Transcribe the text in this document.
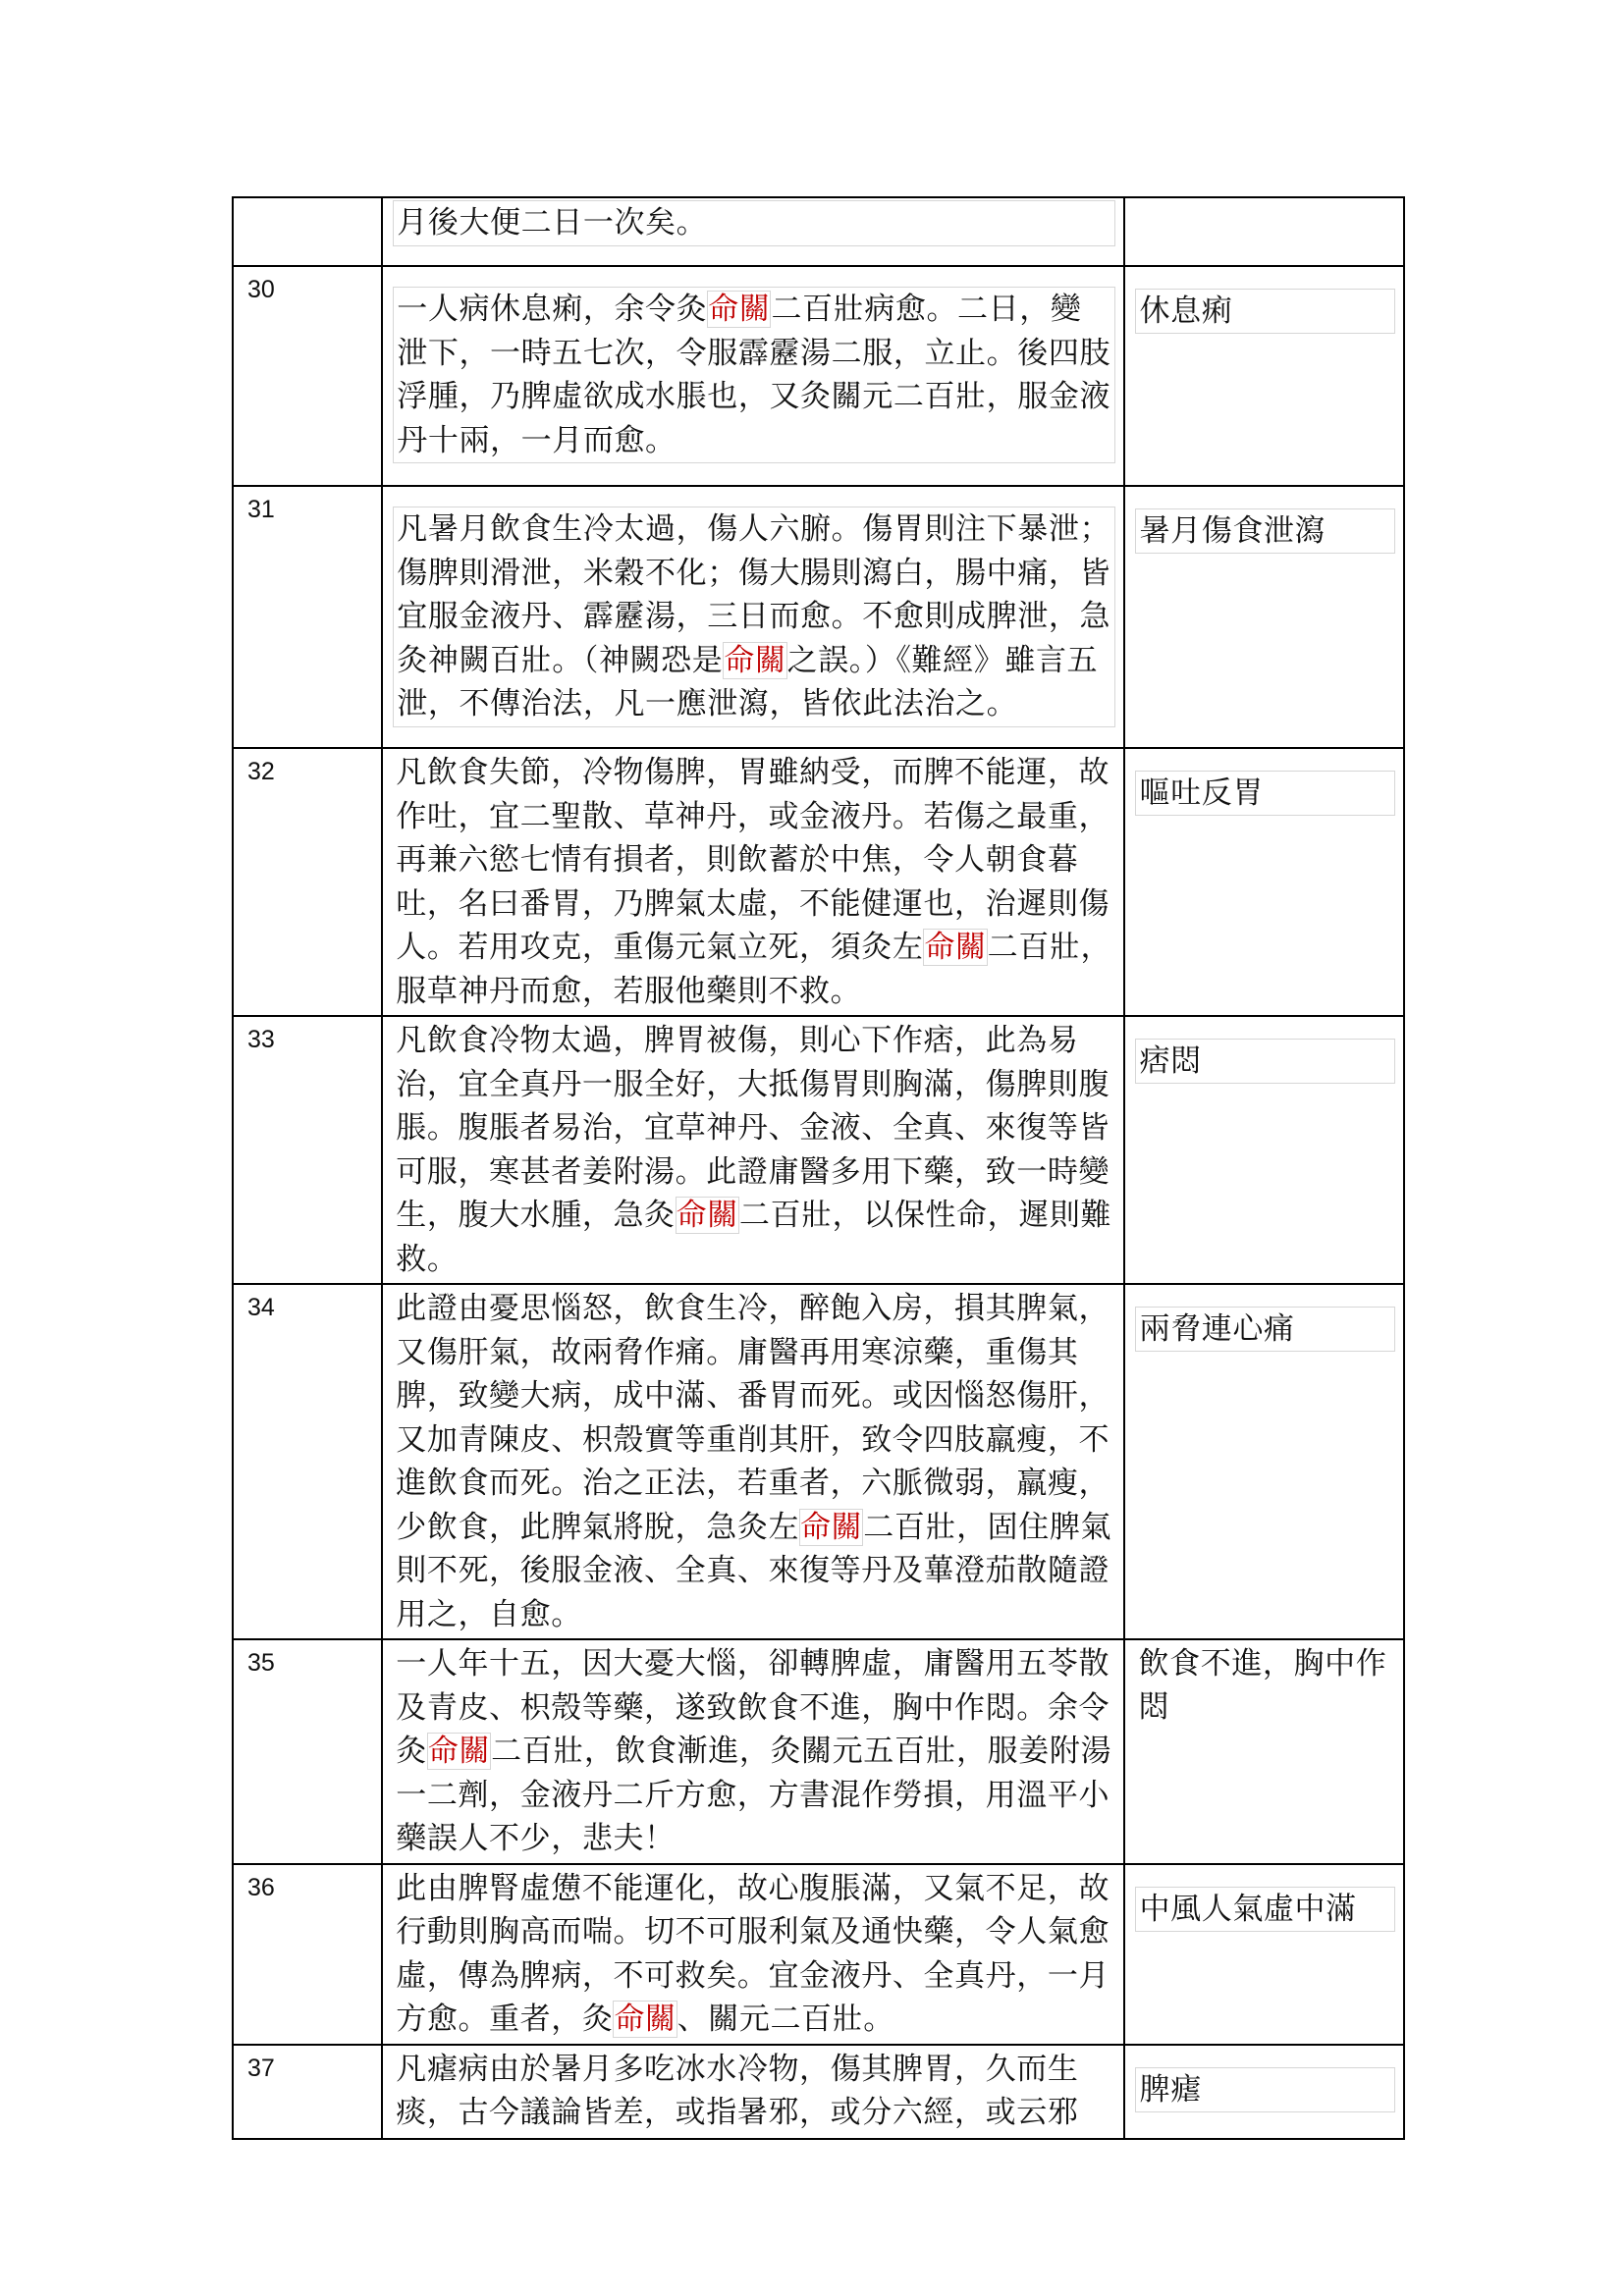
	月後大便二日一次矣。	

30	一人病休息痢，余令灸命關二百壯病愈。二日，變泄下，一時五七次，令服霹靂湯二服，立止。後四肢浮腫，乃脾虛欲成水脹也，又灸關元二百壯，服金液丹十兩，一月而愈。	休息痢

31	凡暑月飲食生冷太過，傷人六腑。傷胃則注下暴泄；傷脾則滑泄，米穀不化；傷大腸則瀉白，腸中痛，皆宜服金液丹、霹靂湯，三日而愈。不愈則成脾泄，急灸神闕百壯。（神闕恐是命關之誤。）《難經》雖言五泄，不傳治法，凡一應泄瀉，皆依此法治之。	暑月傷食泄瀉

32	凡飲食失節，冷物傷脾，胃雖納受，而脾不能運，故作吐，宜二聖散、草神丹，或金液丹。若傷之最重，再兼六慾七情有損者，則飲蓄於中焦，令人朝食暮吐，名曰番胃，乃脾氣太虛，不能健運也，治遲則傷人。若用攻克，重傷元氣立死，須灸左命關二百壯，服草神丹而愈，若服他藥則不救。	嘔吐反胃

33	凡飲食冷物太過，脾胃被傷，則心下作痞，此為易治，宜全真丹一服全好，大抵傷胃則胸滿，傷脾則腹脹。腹脹者易治，宜草神丹、金液、全真、來復等皆可服，寒甚者姜附湯。此證庸醫多用下藥，致一時變生，腹大水腫，急灸命關二百壯，以保性命，遲則難救。	痞悶

34	此證由憂思惱怒，飲食生冷，醉飽入房，損其脾氣，又傷肝氣，故兩脅作痛。庸醫再用寒涼藥，重傷其脾，致變大病，成中滿、番胃而死。或因惱怒傷肝，又加青陳皮、枳殼實等重削其肝，致令四肢羸瘦，不進飲食而死。治之正法，若重者，六脈微弱，羸瘦，少飲食，此脾氣將脫，急灸左命關二百壯，固住脾氣則不死，後服金液、全真、來復等丹及蓽澄茄散隨證用之，自愈。	兩脅連心痛

35	一人年十五，因大憂大惱，卻轉脾虛，庸醫用五苓散及青皮、枳殼等藥，遂致飲食不進，胸中作悶。余令灸命關二百壯，飲食漸進，灸關元五百壯，服姜附湯一二劑，金液丹二斤方愈，方書混作勞損，用溫平小藥誤人不少，悲夫！	飲食不進，胸中作悶

36	此由脾腎虛憊不能運化，故心腹脹滿，又氣不足，故行動則胸高而喘。切不可服利氣及通快藥，令人氣愈虛，傳為脾病，不可救矣。宜金液丹、全真丹，一月方愈。重者，灸命關、關元二百壯。	中風人氣虛中滿

37	凡瘧病由於暑月多吃冰水冷物，傷其脾胃，久而生痰，古今議論皆差，或指暑邪，或分六經，或云邪	脾瘧
